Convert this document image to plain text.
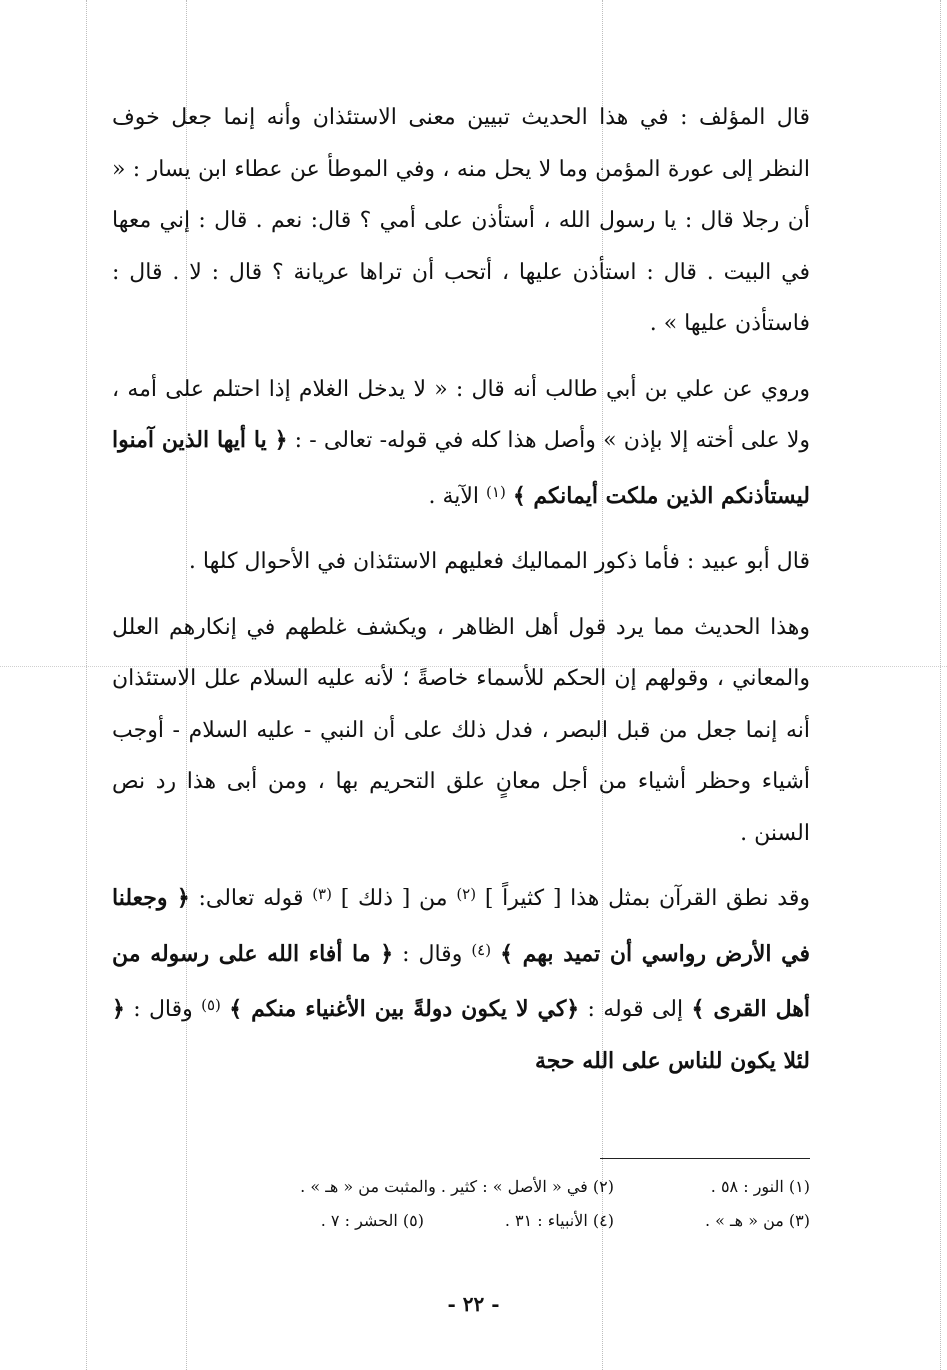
قال المؤلف : في هذا الحديث تبيين معنى الاستئذان وأنه إنما جعل خوف النظر إلى عورة المؤمن وما لا يحل منه ، وفي الموطأ عن عطاء ابن يسار : « أن رجلا قال : يا رسول الله ، أستأذن على أمي ؟ قال: نعم . قال : إني معها في البيت . قال : استأذن عليها ، أتحب أن تراها عريانة ؟ قال : لا . قال : فاستأذن عليها » .

وروي عن علي بن أبي طالب أنه قال : « لا يدخل الغلام إذا احتلم على أمه ، ولا على أخته إلا بإذن » وأصل هذا كله في قوله- تعالى - : ﴿ يا أيها الذين آمنوا ليستأذنكم الذين ملكت أيمانكم ﴾ $^{(١)}$ الآية .

قال أبو عبيد : فأما ذكور المماليك فعليهم الاستئذان في الأحوال كلها .

وهذا الحديث مما يرد قول أهل الظاهر ، ويكشف غلطهم في إنكارهم العلل والمعاني ، وقولهم إن الحكم للأسماء خاصةً ؛ لأنه عليه السلام علل الاستئذان أنه إنما جعل من قبل البصر ، فدل ذلك على أن النبي - عليه السلام - أوجب أشياء وحظر أشياء من أجل معانٍ علق التحريم بها ، ومن أبى هذا رد نص السنن .

وقد نطق القرآن بمثل هذا [ كثيراً ] $^{(٢)}$ من [ ذلك ] $^{(٣)}$ قوله تعالى: ﴿ وجعلنا في الأرض رواسي أن تميد بهم ﴾ $^{(٤)}$ وقال : ﴿ ما أفاء الله على رسوله من أهل القرى ﴾ إلى قوله : ﴿كي لا يكون دولةً بين الأغنياء منكم ﴾ $^{(٥)}$ وقال : ﴿ لئلا يكون للناس على الله حجة

(١) النور : ٥٨ .
(٢) في « الأصل » : كثير . والمثبت من « هـ » .
(٣) من « هـ » .
(٤) الأنبياء : ٣١ .
(٥) الحشر : ٧ .
- ٢٢ -
